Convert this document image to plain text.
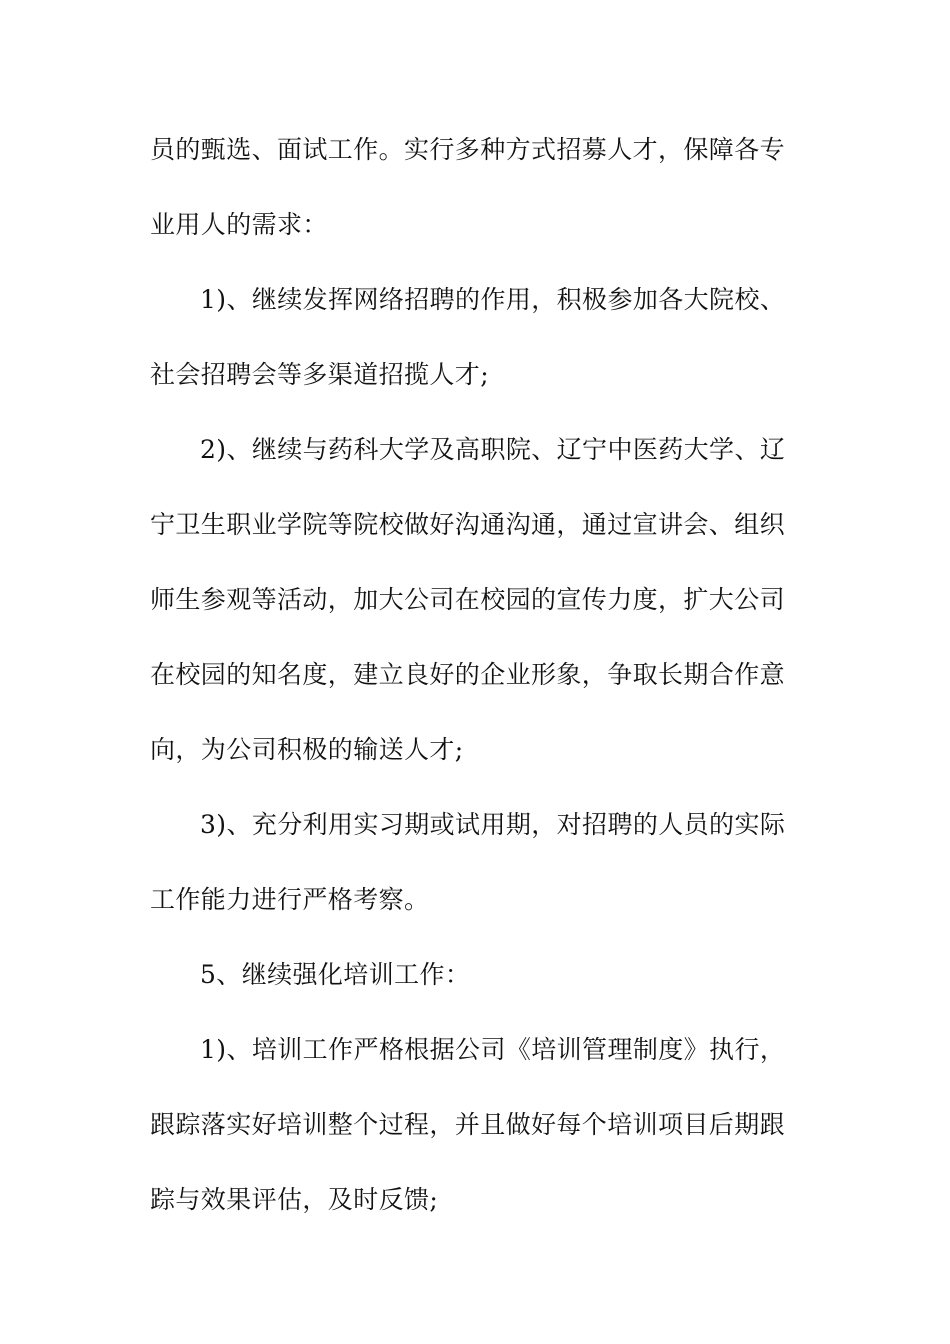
员的甄选、面试工作。实行多种方式招募人才，保障各专
业用人的需求：
1)、继续发挥网络招聘的作用，积极参加各大院校、
社会招聘会等多渠道招揽人才;
2)、继续与药科大学及高职院、辽宁中医药大学、辽
宁卫生职业学院等院校做好沟通沟通，通过宣讲会、组织
师生参观等活动，加大公司在校园的宣传力度，扩大公司
在校园的知名度，建立良好的企业形象，争取长期合作意
向，为公司积极的输送人才;
3)、充分利用实习期或试用期，对招聘的人员的实际
工作能力进行严格考察。
5、继续强化培训工作：
1)、培训工作严格根据公司《培训管理制度》执行，
跟踪落实好培训整个过程，并且做好每个培训项目后期跟
踪与效果评估，及时反馈;
